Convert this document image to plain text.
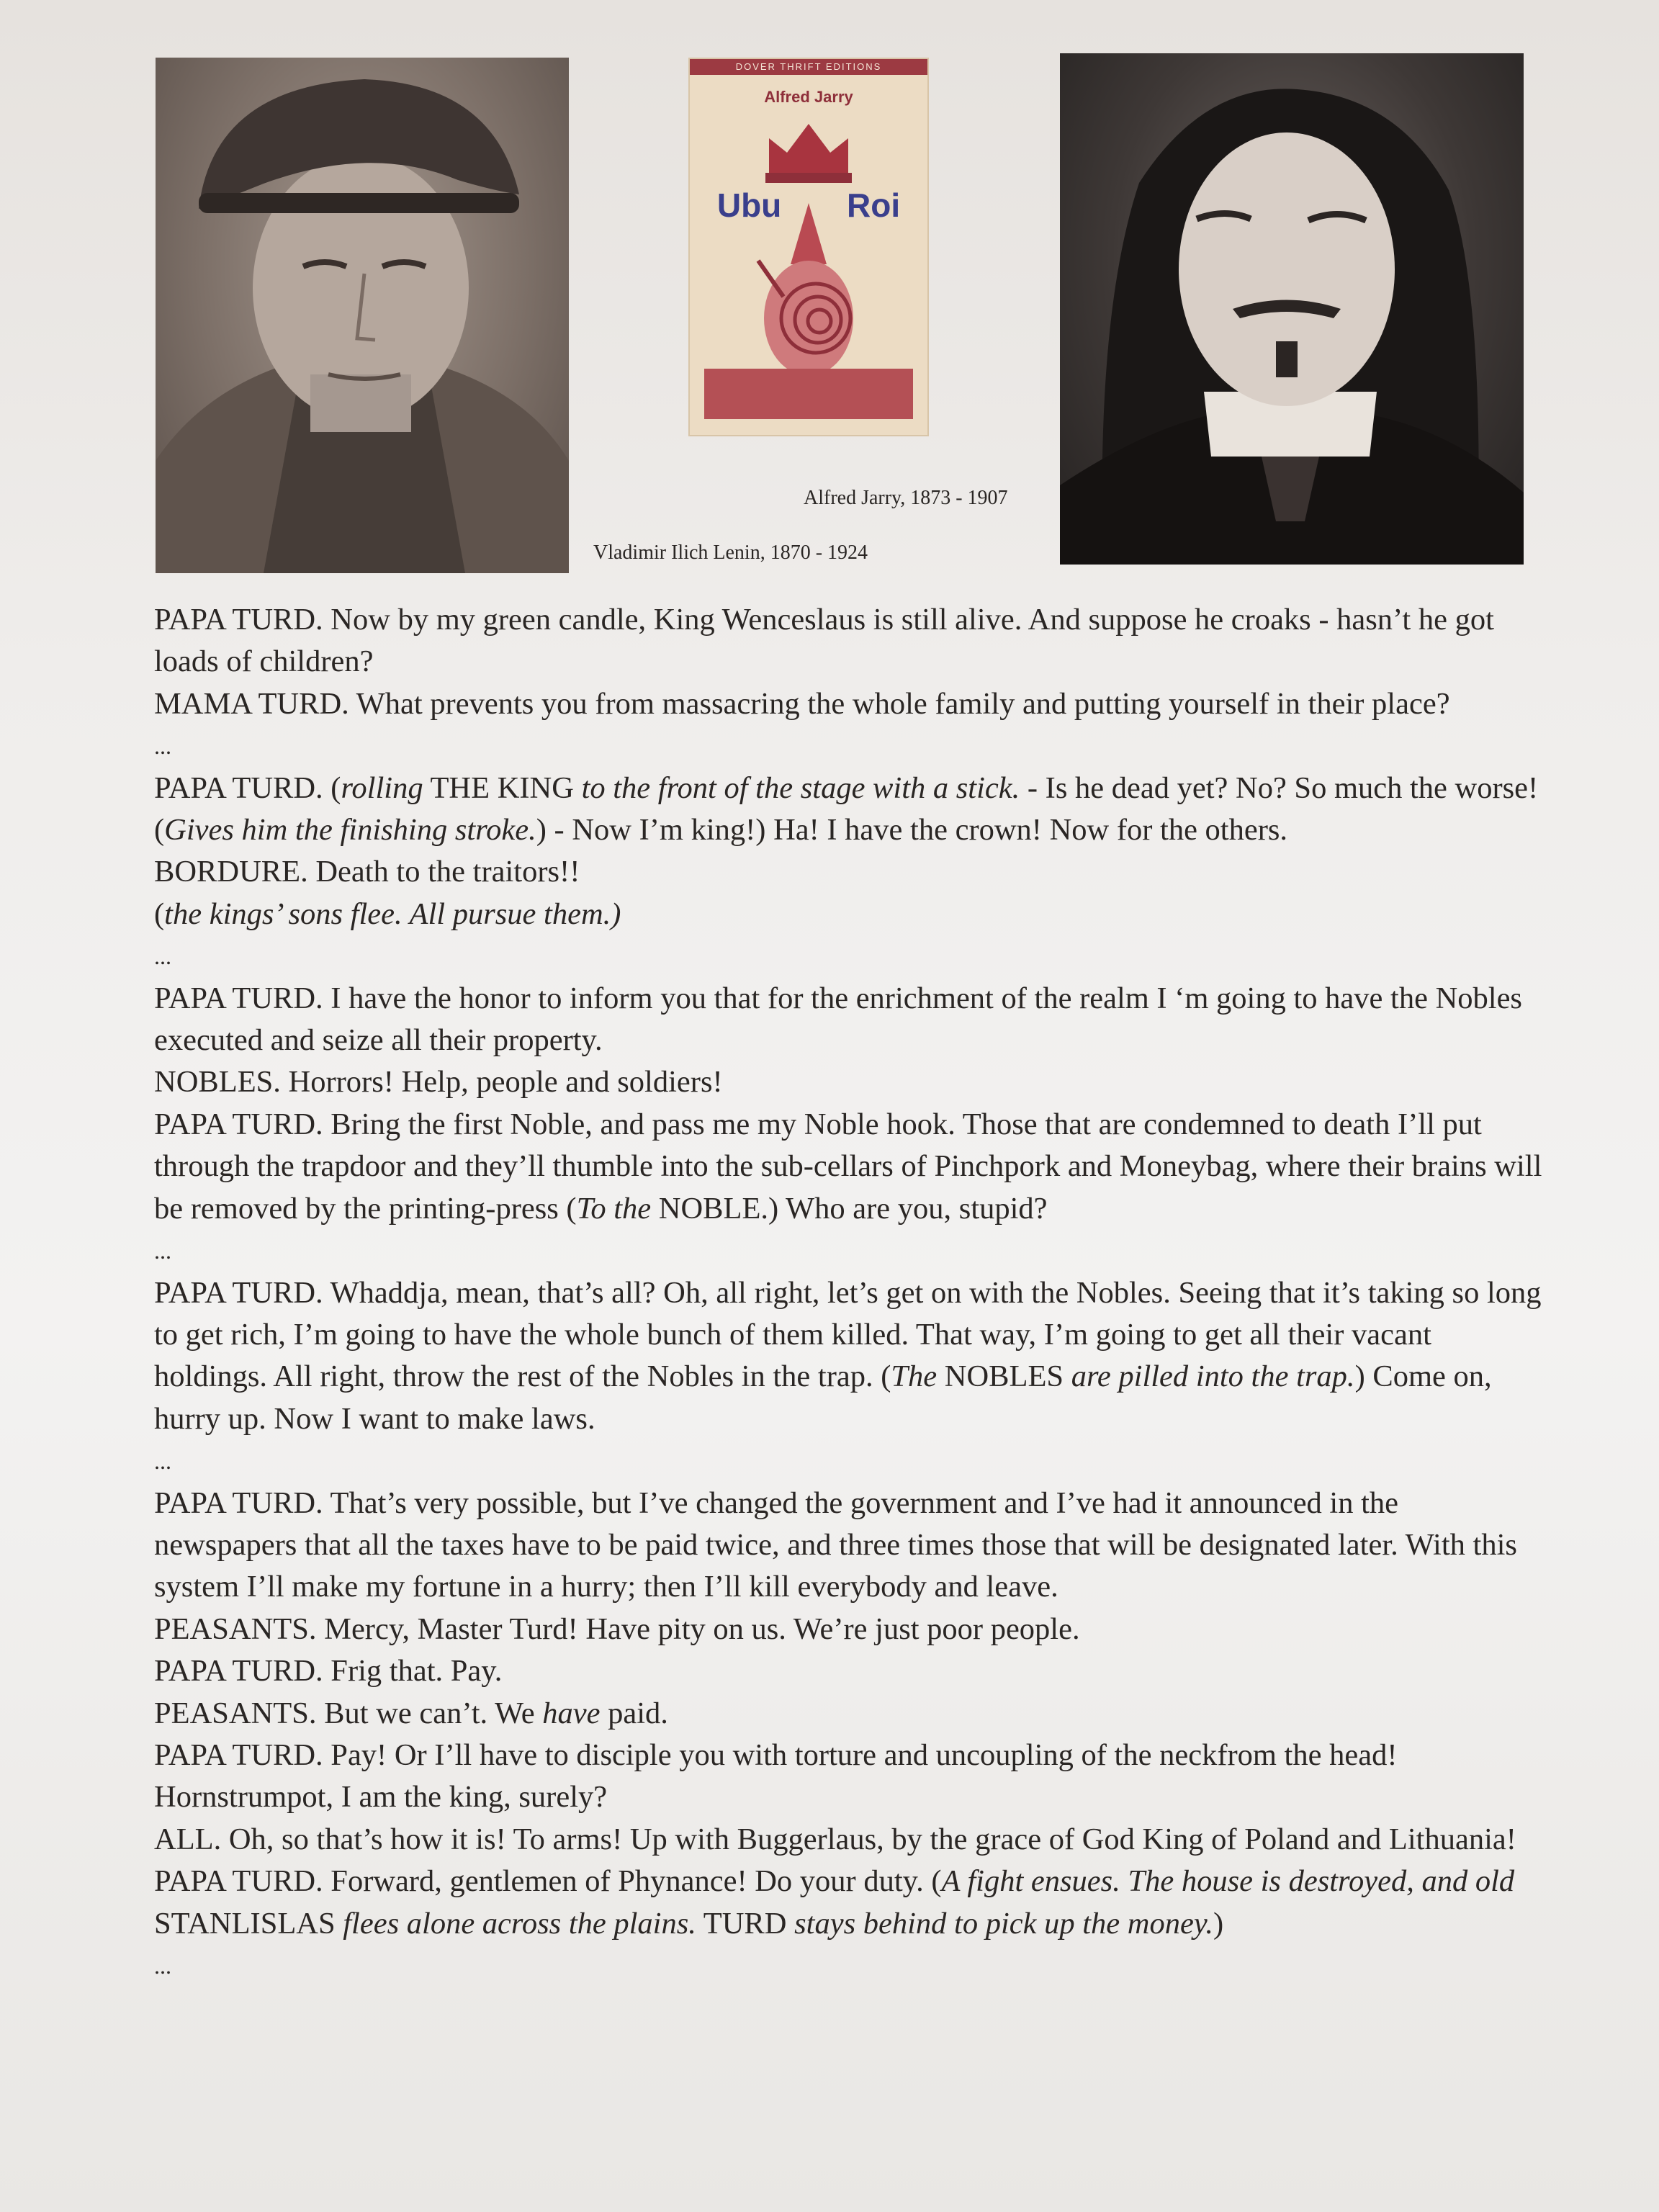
DOVER THRIFT EDITIONS
Alfred Jarry
Ubu Roi
Alfred Jarry, 1873 - 1907
Vladimir Ilich Lenin, 1870 - 1924

PAPA TURD. Now by my green candle, King Wenceslaus is still alive. And suppose he croaks - hasn’t he got loads of children?

MAMA TURD. What prevents you from massacring the whole family and putting yourself in their place?

...

PAPA TURD. (rolling THE KING to the front of the stage with a stick. - Is he dead yet? No? So much the worse! (Gives him the finishing stroke.) - Now I’m king!) Ha! I have the crown! Now for the others.

BORDURE. Death to the traitors!!

(the kings’ sons flee. All pursue them.)

...

PAPA TURD. I have the honor to inform you that for the enrichment of the realm I ‘m going to have the Nobles executed and seize all their property.

NOBLES. Horrors! Help, people and soldiers!

PAPA TURD. Bring the first Noble, and pass me my Noble hook. Those that are condemned to death I’ll put through the trapdoor and they’ll thumble into the sub-cellars of Pinchpork and Moneybag, where their brains will be removed by the printing-press (To the NOBLE.) Who are you, stupid?

...

PAPA TURD. Whaddja, mean, that’s all? Oh, all right, let’s get on with the Nobles. Seeing that it’s taking so long to get rich, I’m going to have the whole bunch of them killed. That way, I’m going to get all their vacant holdings. All right, throw the rest of the Nobles in the trap. (The NOBLES are pilled into the trap.) Come on, hurry up. Now I want to make laws.

...

PAPA TURD. That’s very possible, but I’ve changed the government and I’ve had it announced in the newspapers that all the taxes have to be paid twice, and three times those that will be designated later. With this system I’ll make my fortune in a hurry; then I’ll kill everybody and leave.

PEASANTS. Mercy, Master Turd! Have pity on us. We’re just poor people.

PAPA TURD. Frig that. Pay.

PEASANTS. But we can’t. We have paid.

PAPA TURD. Pay! Or I’ll have to disciple you with torture and uncoupling of the neckfrom the head! Hornstrumpot, I am the king, surely?

ALL. Oh, so that’s how it is! To arms! Up with Buggerlaus, by the grace of God King of Poland and Lithuania!

PAPA TURD. Forward, gentlemen of Phynance! Do your duty. (A fight ensues. The house is destroyed, and old STANLISLAS flees alone across the plains. TURD stays behind to pick up the money.)

...
